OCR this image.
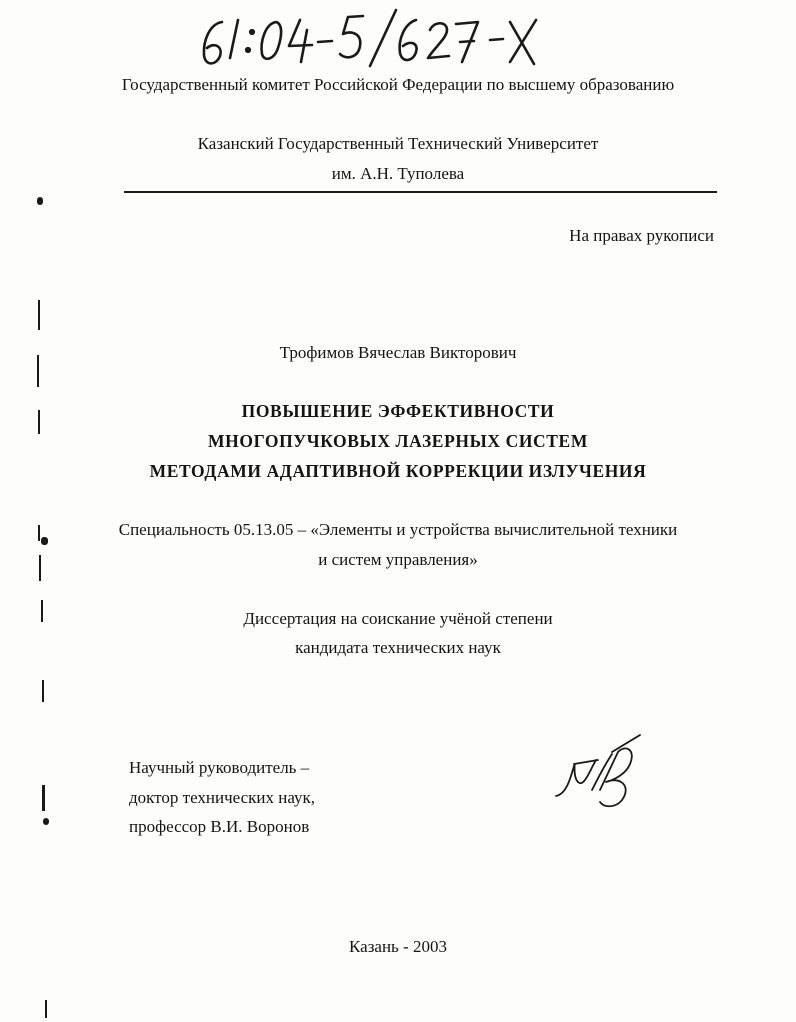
Государственный комитет Российской Федерации по высшему образованию
Казанский Государственный Технический Университет
им. А.Н. Туполева
На правах рукописи
Трофимов Вячеслав Викторович
ПОВЫШЕНИЕ ЭФФЕКТИВНОСТИ
МНОГОПУЧКОВЫХ ЛАЗЕРНЫХ СИСТЕМ
МЕТОДАМИ АДАПТИВНОЙ КОРРЕКЦИИ ИЗЛУЧЕНИЯ
Специальность 05.13.05 – «Элементы и устройства вычислительной техники
и систем управления»
Диссертация на соискание учёной степени
кандидата технических наук
Научный руководитель –
доктор технических наук,
профессор В.И. Воронов
Казань - 2003
